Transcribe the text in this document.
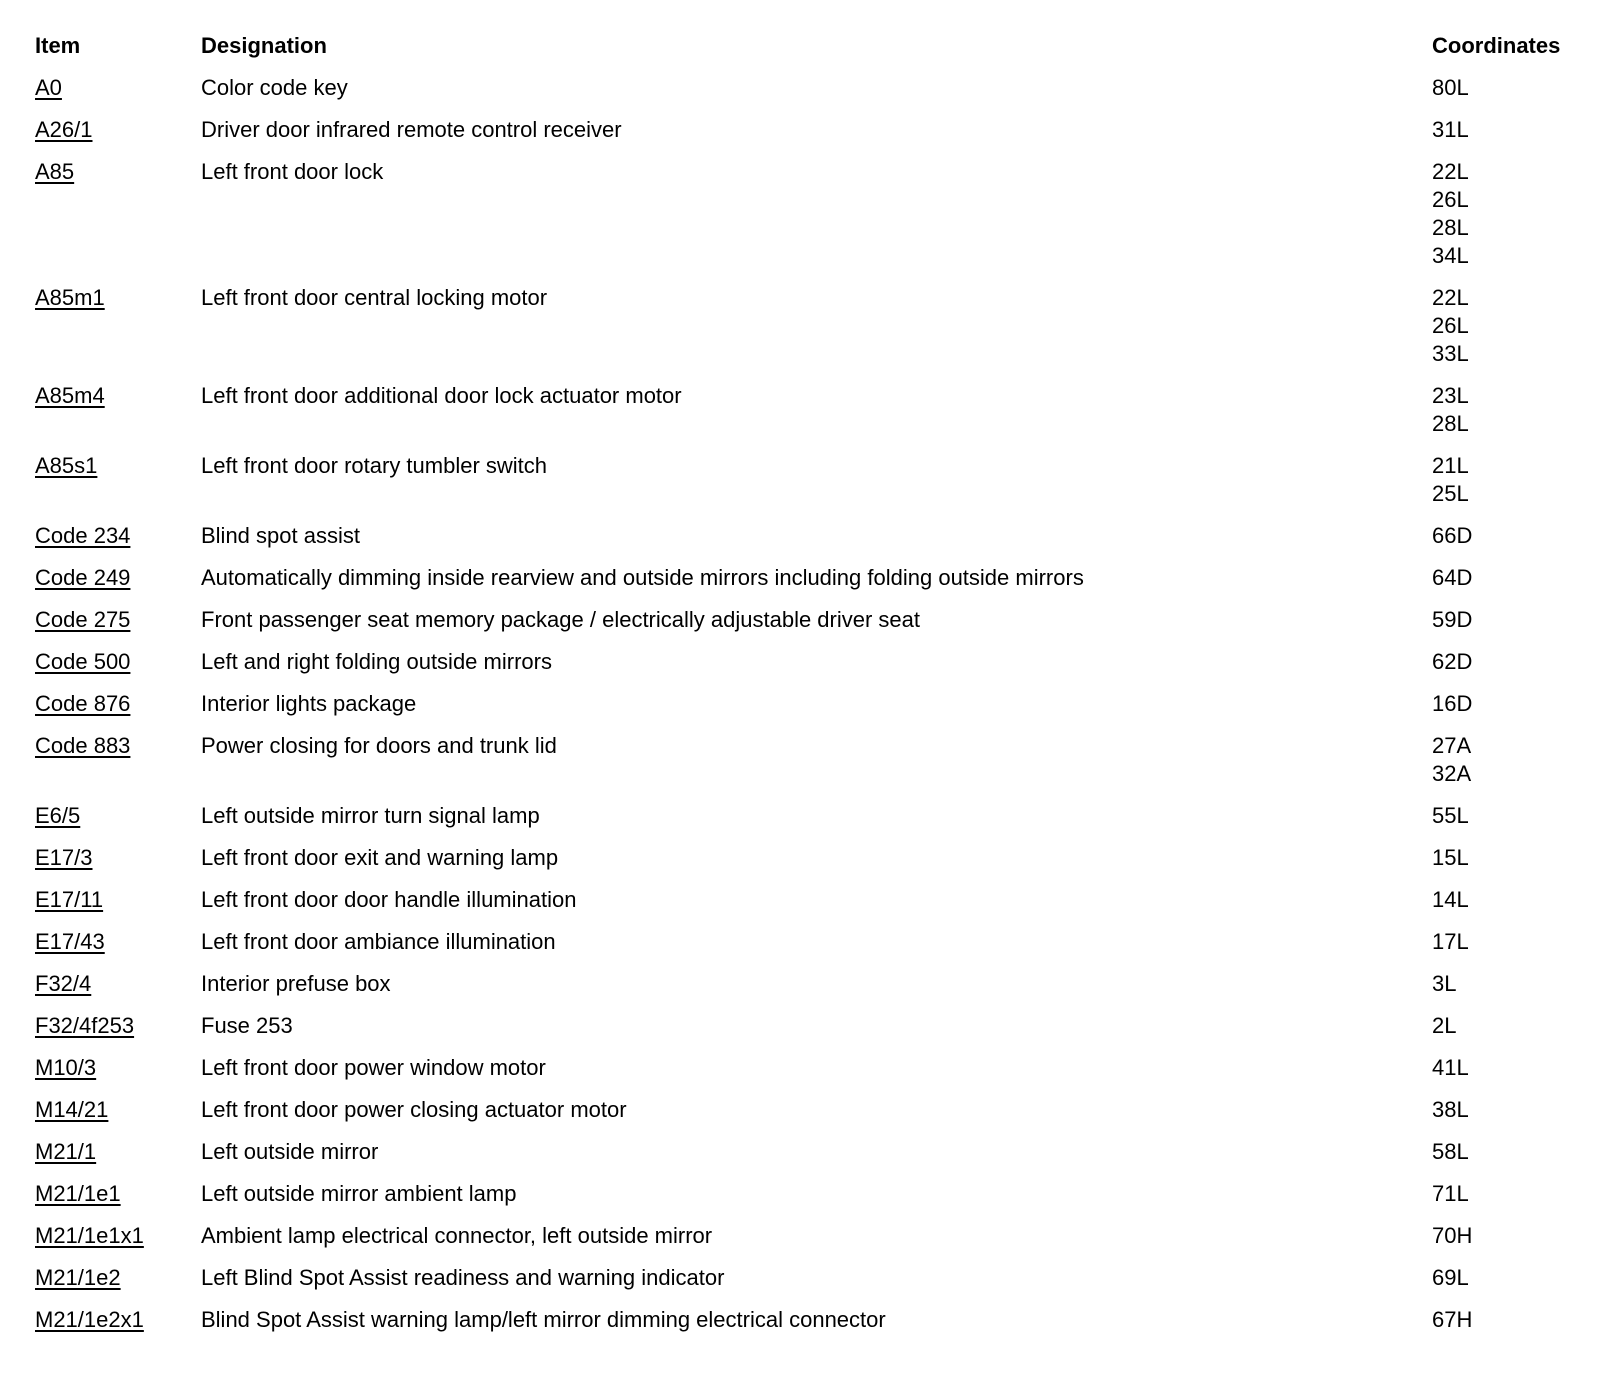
Item	Designation	Coordinates
A0	Color code key	80L
A26/1	Driver door infrared remote control receiver	31L
A85	Left front door lock	22L
26L
28L
34L
A85m1	Left front door central locking motor	22L
26L
33L
A85m4	Left front door additional door lock actuator motor	23L
28L
A85s1	Left front door rotary tumbler switch	21L
25L
Code 234	Blind spot assist	66D
Code 249	Automatically dimming inside rearview and outside mirrors including folding outside mirrors	64D
Code 275	Front passenger seat memory package / electrically adjustable driver seat	59D
Code 500	Left and right folding outside mirrors	62D
Code 876	Interior lights package	16D
Code 883	Power closing for doors and trunk lid	27A
32A
E6/5	Left outside mirror turn signal lamp	55L
E17/3	Left front door exit and warning lamp	15L
E17/11	Left front door door handle illumination	14L
E17/43	Left front door ambiance illumination	17L
F32/4	Interior prefuse box	3L
F32/4f253	Fuse 253	2L
M10/3	Left front door power window motor	41L
M14/21	Left front door power closing actuator motor	38L
M21/1	Left outside mirror	58L
M21/1e1	Left outside mirror ambient lamp	71L
M21/1e1x1	Ambient lamp electrical connector, left outside mirror	70H
M21/1e2	Left Blind Spot Assist readiness and warning indicator	69L
M21/1e2x1	Blind Spot Assist warning lamp/left mirror dimming electrical connector	67H
